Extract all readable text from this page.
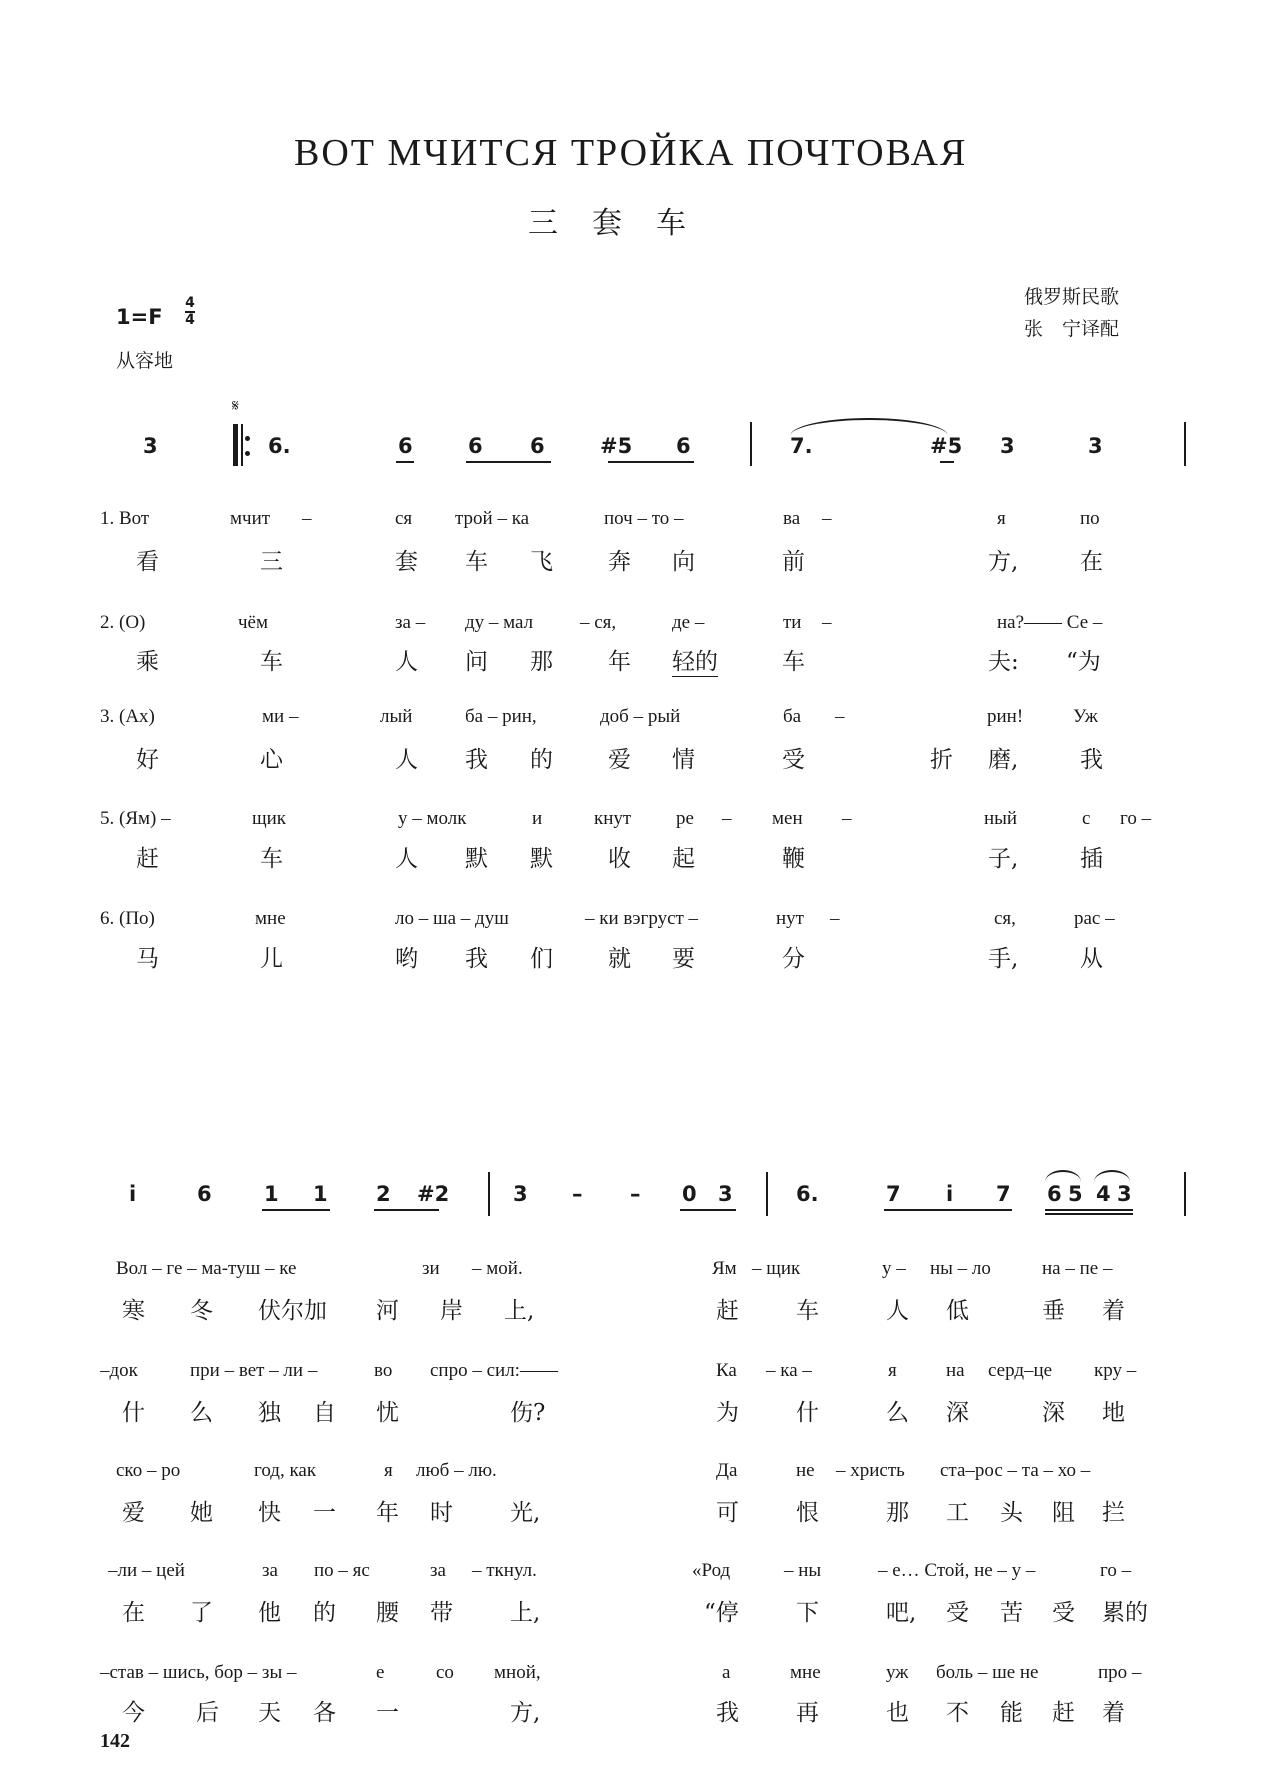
ВОТ МЧИТСЯ ТРОЙКА ПОЧТОВАЯ
三　套　车
俄罗斯民歌
张　宁译配
1=F
4
4
从容地
𝄋
3	6.	6	6 6	#5 6	7.	#5 3	3
1. Вот	мчит –	ся трой – ка	поч – то –	ва –	я	по
看	三	套 车 飞 奔 向	前	方,	在
2. (О)	чём	за – ду – мал – ся,	де –	ти –	на?—— Се –
乘	车	人 问 那 年 轻的	车	夫: “为
3. (Ах)	ми –	лый	ба – рин,	доб – рый	ба –	рин!	Уж
好	心	人 我 的 爱 情	受	折 磨,	我
5. (Ям) –	щик	у – молк	и	кнут ре – мен –	ный	с го –
赶	车	人 默 默 收 起	鞭	子,	插
6. (По)	мне	ло – ша – душ	– ки вэгруст –	нут –	ся,	рас –
马	儿	哟 我 们 就 要	分	手,	从
i	6 1 1 2 #2	3 – – 0 3	6.	7 i 7 6 5 4 3
Вол – ге – ма-туш – ке	зи – мой.	Ям – щик	у – ны – ло	на – пе –
寒 冬 伏尔加 河 岸 上,	赶 车	人 低	垂 着
–док	при – вет – ли –	во спро – сил:——	Ка – ка –	я	на серд–це кру –
什 么 独 自 忧	伤?	为 什	么 深	深 地
ско – ро	год, как	я люб – лю.	Да	не – христь ста–рос – та – хо –
爱 她 快 一 年 时 光,	可 恨	那 工 头 阻 拦
–ли – цей	за по – яс	за – ткнул.	«Род	– ны	– е… Стой, не – у –	го –
在 了 他 的 腰 带 上,	“停 下	吧, 受 苦 受 累的
–став – шись, бор – зы –	е	со мной,	а	мне	уж боль – ше не	про –
今 后 天 各 一	方,	我 再	也 不 能 赶 着
142
